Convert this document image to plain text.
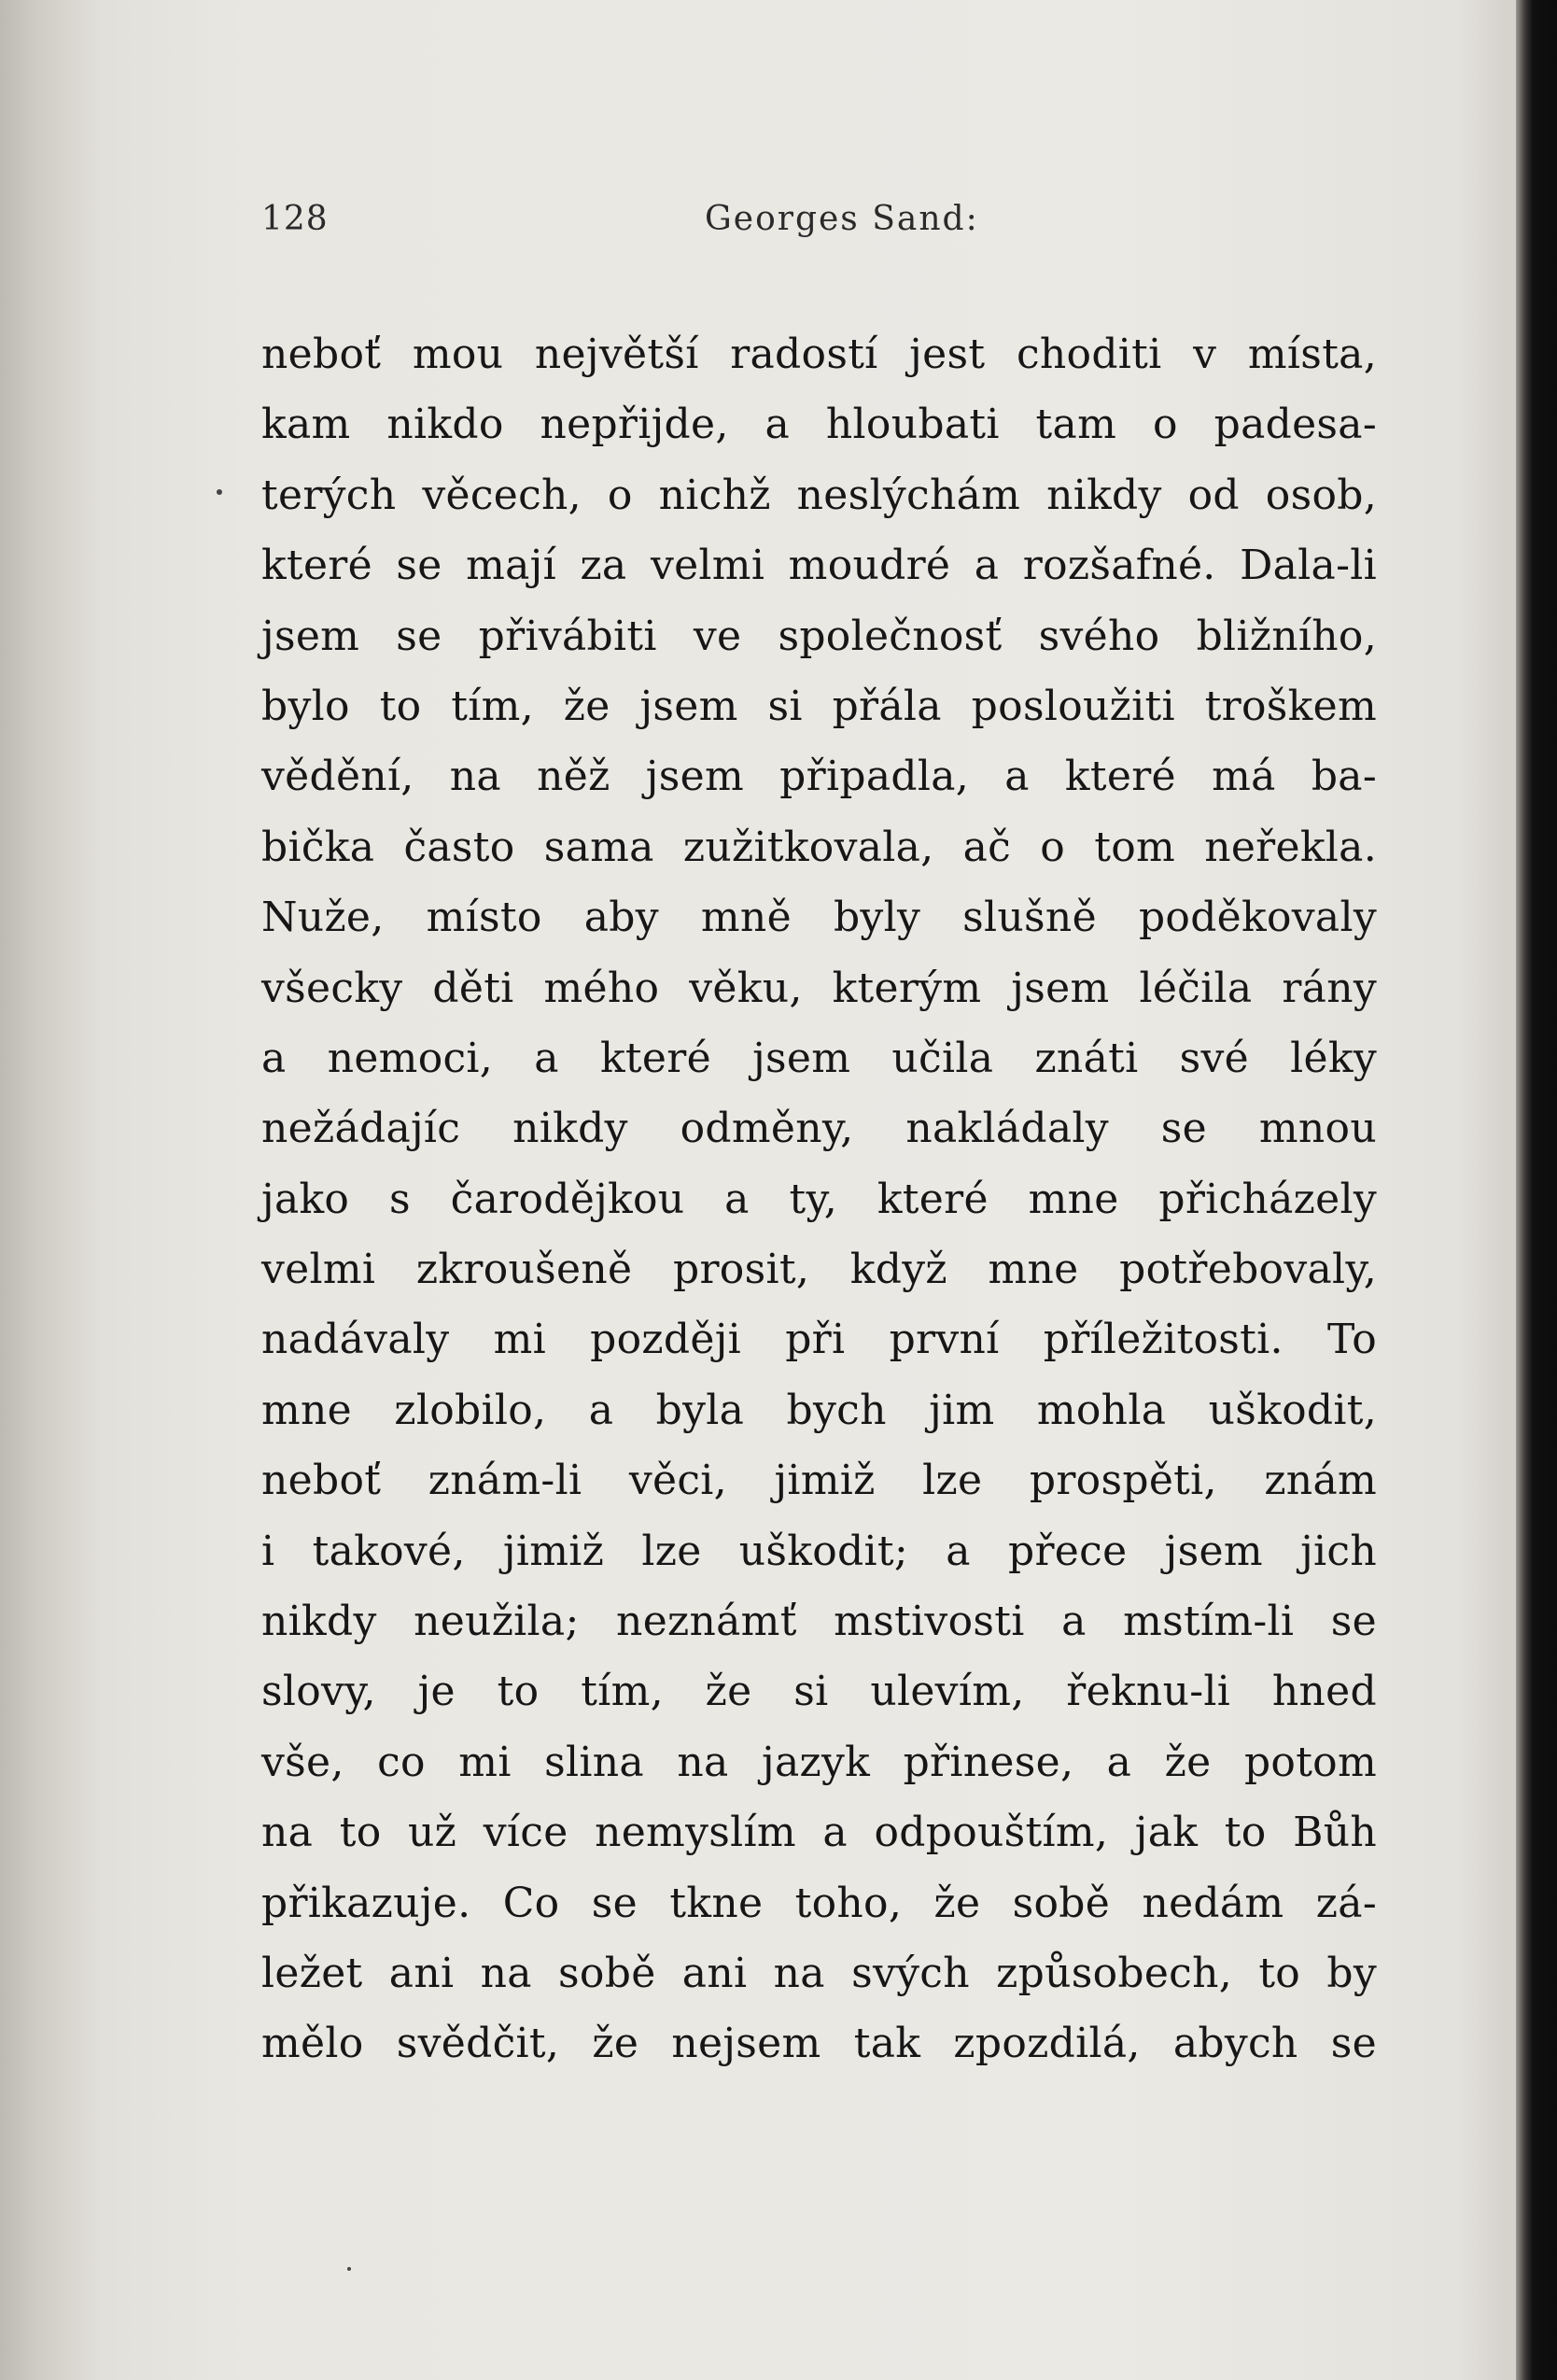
128	Georges Sand:
neboť mou největší radostí jest choditi v místa,
kam nikdo nepřijde, a hloubati tam o padesa-
terých věcech, o nichž neslýchám nikdy od osob,
které se mají za velmi moudré a rozšafné. Dala-li
jsem se přivábiti ve společnosť svého bližního,
bylo to tím, že jsem si přála posloužiti troškem
vědění, na něž jsem připadla, a které má ba-
bička často sama zužitkovala, ač o tom neřekla.
Nuže, místo aby mně byly slušně poděkovaly
všecky děti mého věku, kterým jsem léčila rány
a nemoci, a které jsem učila znáti své léky
nežádajíc nikdy odměny, nakládaly se mnou
jako s čarodějkou a ty, které mne přicházely
velmi zkroušeně prosit, když mne potřebovaly,
nadávaly mi později při první příležitosti. To
mne zlobilo, a byla bych jim mohla uškodit,
neboť znám-li věci, jimiž lze prospěti, znám
i takové, jimiž lze uškodit; a přece jsem jich
nikdy neužila; neznámť mstivosti a mstím-li se
slovy, je to tím, že si ulevím, řeknu-li hned
vše, co mi slina na jazyk přinese, a že potom
na to už více nemyslím a odpouštím, jak to Bůh
přikazuje. Co se tkne toho, že sobě nedám zá-
ležet ani na sobě ani na svých způsobech, to by
mělo svědčit, že nejsem tak zpozdilá, abych se
